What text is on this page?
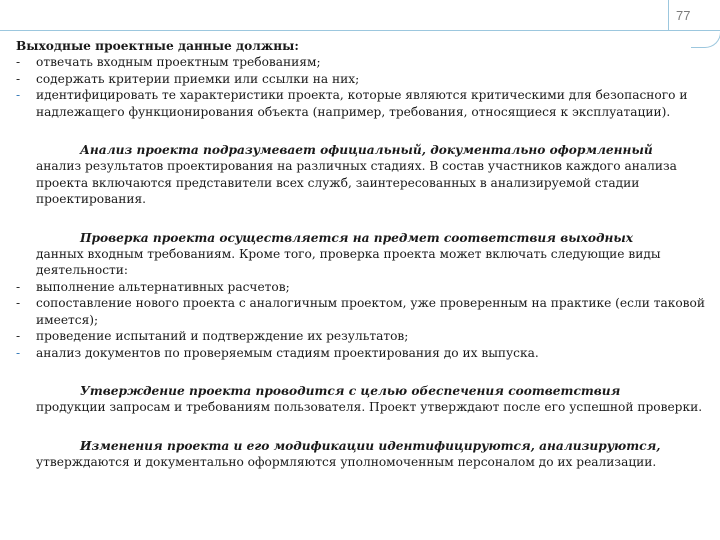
77

Выходные проектные данные должны:

- отвечать входным проектным требованиям;
- содержать критерии приемки или ссылки на них;
- идентифицировать те характеристики проекта, которые являются критическими для безопасного и надлежащего функционирования объекта (например, требования, относящиеся к эксплуатации).
Анализ проекта подразумевает официальный, документально оформленный
анализ результатов проектирования на различных стадиях. В состав участников каждого анализа проекта включаются представители всех служб, заинтересованных в анализируемой стадии проектирования.
Проверка проекта осуществляется на предмет соответствия выходных
данных входным требованиям. Кроме того, проверка проекта может включать следующие виды деятельности:
- выполнение альтернативных расчетов;
- сопоставление нового проекта с аналогичным проектом, уже проверенным на практике (если таковой имеется);
- проведение испытаний и подтверждение их результатов;
- анализ документов по проверяемым стадиям проектирования до их выпуска.
Утверждение проекта проводится с целью обеспечения соответствия
продукции запросам и требованиям пользователя. Проект утверждают после его успешной проверки.
Изменения проекта и его модификации идентифицируются, анализируются,
утверждаются и документально оформляются уполномоченным персоналом до их реализации.
